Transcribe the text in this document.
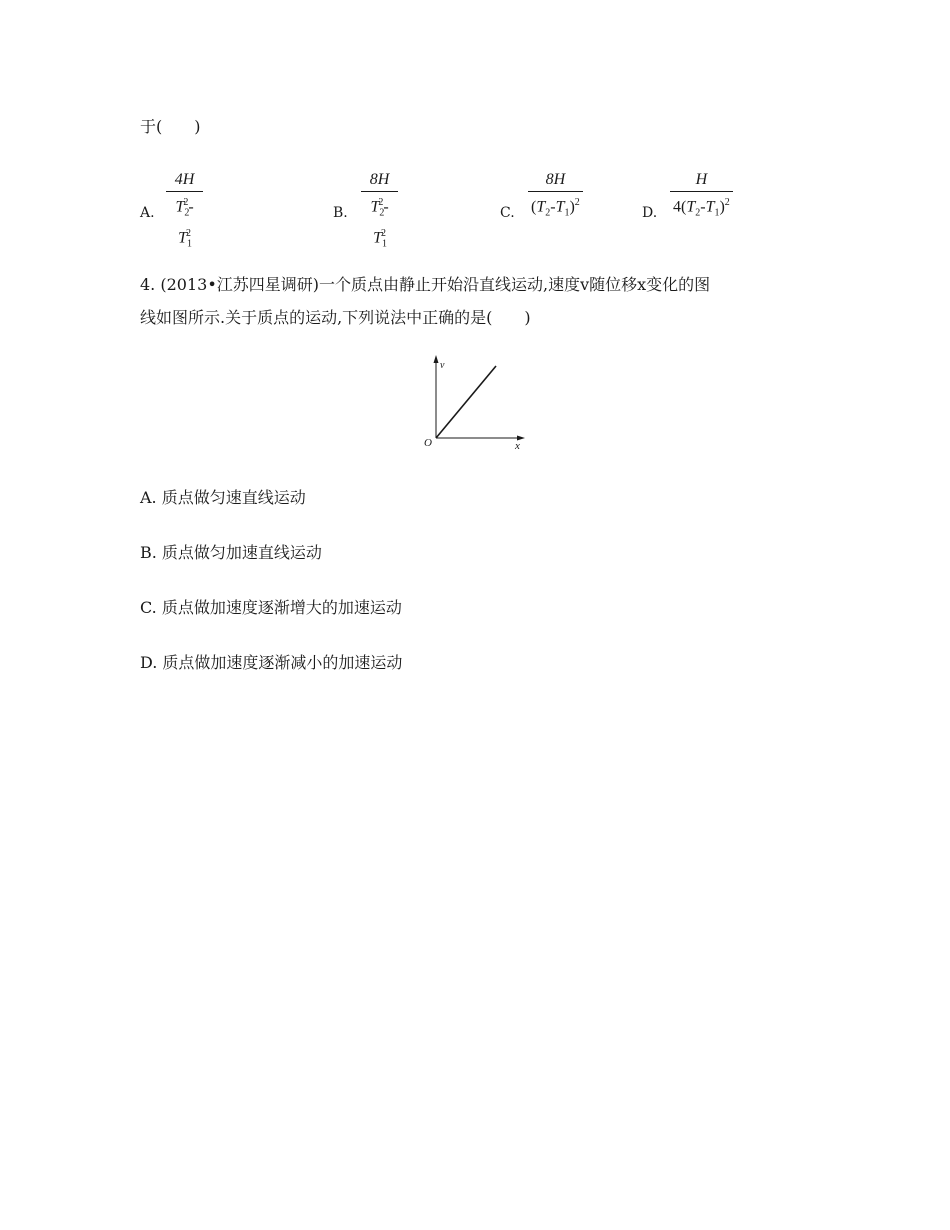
于(　　)
A.
4H
$T_2^2-T_1^2$
B.
8H
$T_2^2-T_1^2$
C.
8H
$(T_2-T_1)^2$
D.
H
$4(T_2-T_1)^2$
4. (2013•江苏四星调研)一个质点由静止开始沿直线运动,速度v随位移x变化的图
线如图所示.关于质点的运动,下列说法中正确的是(　　)
v
x
O
A. 质点做匀速直线运动
B. 质点做匀加速直线运动
C. 质点做加速度逐渐增大的加速运动
D. 质点做加速度逐渐减小的加速运动
